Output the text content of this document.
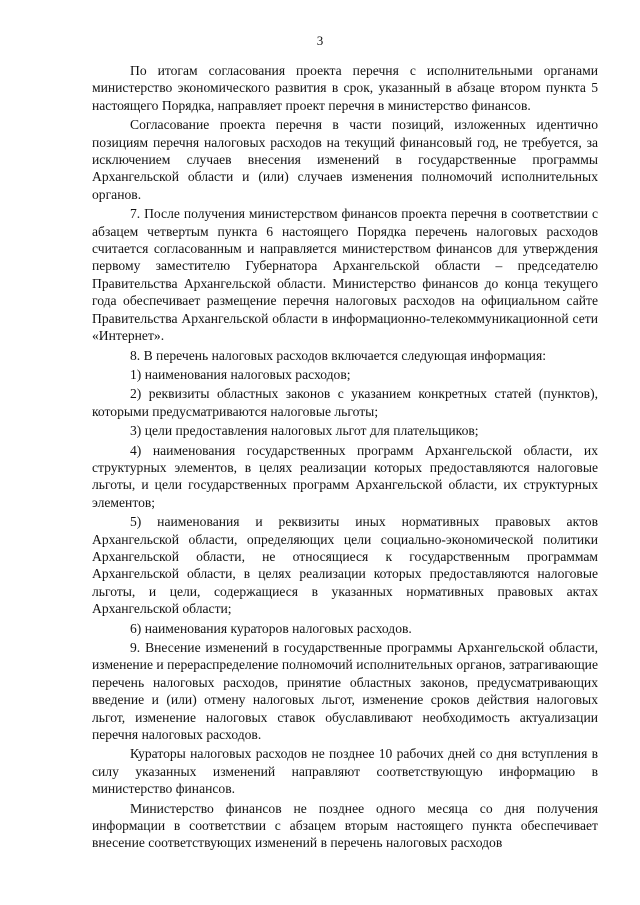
3

По итогам согласования проекта перечня с исполнительными органами министерство экономического развития в срок, указанный в абзаце втором пункта 5 настоящего Порядка, направляет проект перечня в министерство финансов.

Согласование проекта перечня в части позиций, изложенных идентично позициям перечня налоговых расходов на текущий финансовый год, не требуется, за исключением случаев внесения изменений в государственные программы Архангельской области и (или) случаев изменения полномочий исполнительных органов.

7. После получения министерством финансов проекта перечня в соответствии с абзацем четвертым пункта 6 настоящего Порядка перечень налоговых расходов считается согласованным и направляется министерством финансов для утверждения первому заместителю Губернатора Архангельской области – председателю Правительства Архангельской области. Министерство финансов до конца текущего года обеспечивает размещение перечня налоговых расходов на официальном сайте Правительства Архангельской области в информационно-телекоммуникационной сети «Интернет».

8. В перечень налоговых расходов включается следующая информация:

1) наименования налоговых расходов;

2) реквизиты областных законов с указанием конкретных статей (пунктов), которыми предусматриваются налоговые льготы;

3) цели предоставления налоговых льгот для плательщиков;

4) наименования государственных программ Архангельской области, их структурных элементов, в целях реализации которых предоставляются налоговые льготы, и цели государственных программ Архангельской области, их структурных элементов;

5) наименования и реквизиты иных нормативных правовых актов Архангельской области, определяющих цели социально-экономической политики Архангельской области, не относящиеся к государственным программам Архангельской области, в целях реализации которых предоставляются налоговые льготы, и цели, содержащиеся в указанных нормативных правовых актах Архангельской области;

6) наименования кураторов налоговых расходов.

9. Внесение изменений в государственные программы Архангельской области, изменение и перераспределение полномочий исполнительных органов, затрагивающие перечень налоговых расходов, принятие областных законов, предусматривающих введение и (или) отмену налоговых льгот, изменение сроков действия налоговых льгот, изменение налоговых ставок обуславливают необходимость актуализации перечня налоговых расходов.

Кураторы налоговых расходов не позднее 10 рабочих дней со дня вступления в силу указанных изменений направляют соответствующую информацию в министерство финансов.

Министерство финансов не позднее одного месяца со дня получения информации в соответствии с абзацем вторым настоящего пункта обеспечивает внесение соответствующих изменений в перечень налоговых расходов
